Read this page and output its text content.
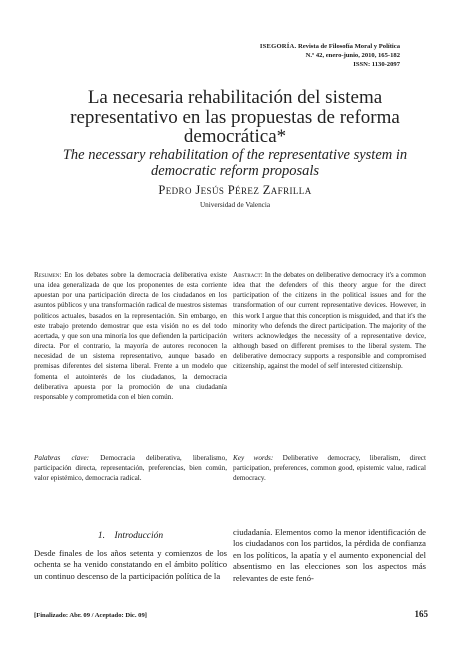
ISEGORÍA. Revista de Filosofía Moral y Política
N.º 42, enero-junio, 2010, 165-182
ISSN: 1130-2097
La necesaria rehabilitación del sistema representativo en las propuestas de reforma democrática*
The necessary rehabilitation of the representative system in democratic reform proposals
Pedro Jesús Pérez Zafrilla
Universidad de Valencia

Resumen: En los debates sobre la democracia deliberativa existe una idea generalizada de que los proponentes de esta corriente apuestan por una participación directa de los ciudadanos en los asuntos públicos y una transformación radical de nuestros sistemas políticos actuales, basados en la representación. Sin embargo, en este trabajo pretendo demostrar que esta visión no es del todo acertada, y que son una minoría los que defienden la participación directa. Por el contrario, la mayoría de autores reconocen la necesidad de un sistema representativo, aunque basado en premisas diferentes del sistema liberal. Frente a un modelo que fomenta el autointerés de los ciudadanos, la democracia deliberativa apuesta por la promoción de una ciudadanía responsable y comprometida con el bien común.

Abstract: In the debates on deliberative democracy it's a common idea that the defenders of this theory argue for the direct participation of the citizens in the political issues and for the transformation of our current representative devices. However, in this work I argue that this conception is misguided, and that it's the minority who defends the direct participation. The majority of the writers acknowledges the necessity of a representative device, although based on different premises to the liberal system. The deliberative democracy supports a responsible and compromised citizenship, against the model of self interested citizenship.

Palabras clave: Democracia deliberativa, liberalismo, participación directa, representación, preferencias, bien común, valor epistémico, democracia radical.

Key words: Deliberative democracy, liberalism, direct participation, preferences, common good, epistemic value, radical democracy.

1. Introducción

Desde finales de los años setenta y comienzos de los ochenta se ha venido constatando en el ámbito político un continuo descenso de la participación política de la

ciudadanía. Elementos como la menor identificación de los ciudadanos con los partidos, la pérdida de confianza en los políticos, la apatía y el aumento exponencial del absentismo en las elecciones son los aspectos más relevantes de este fenó-

[Finalizado: Abr. 09 / Aceptado: Dic. 09]	165
